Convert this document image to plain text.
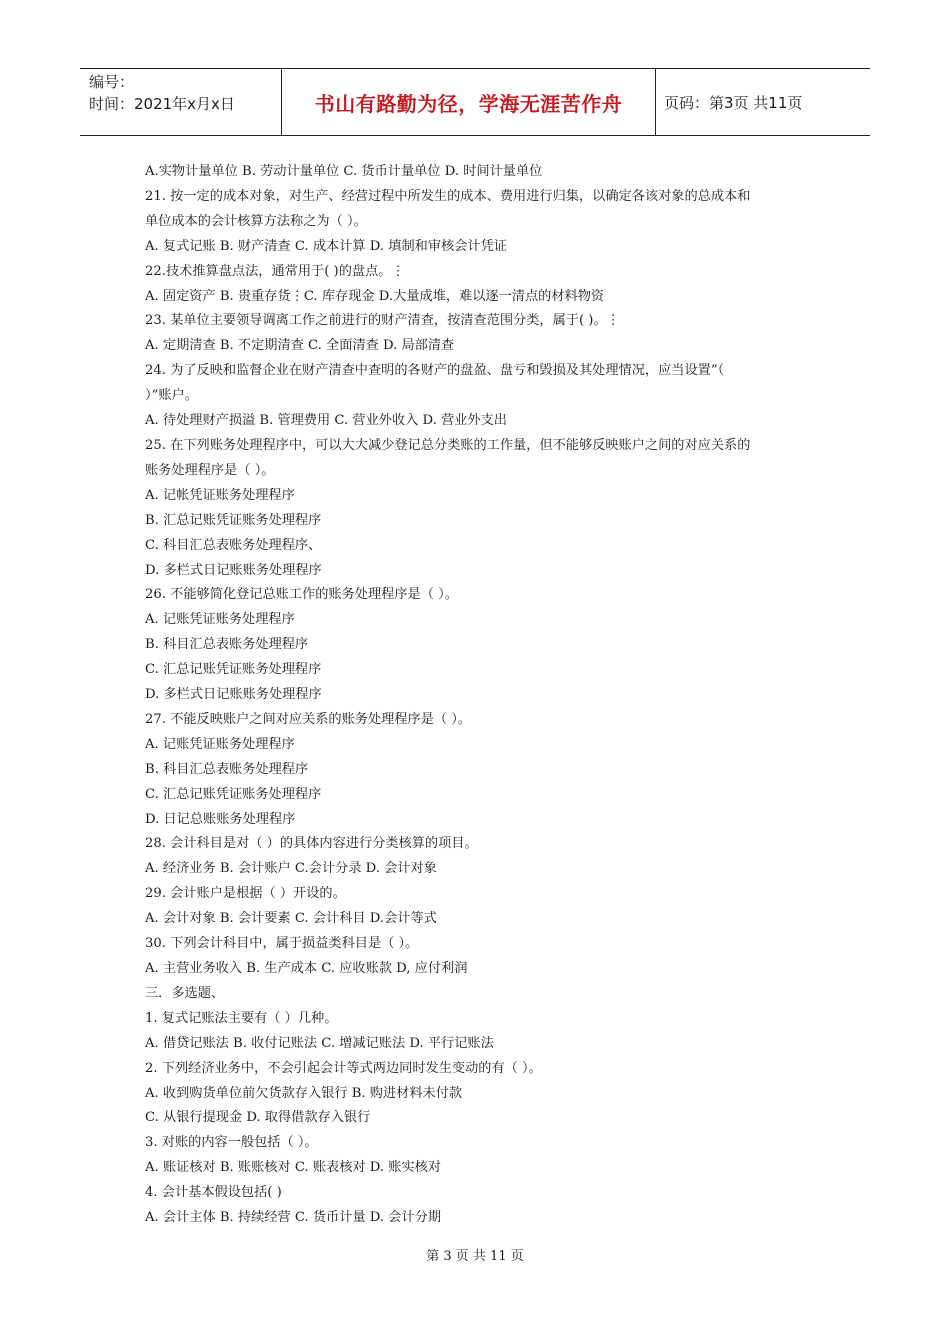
编号：
时间：2021年x月x日	书山有路勤为径，学海无涯苦作舟	页码：第3页 共11页
A.实物计量单位 B. 劳动计量单位 C. 货币计量单位 D. 时间计量单位
21. 按一定的成本对象，对生产、经营过程中所发生的成本、费用进行归集，以确定各该对象的总成本和
单位成本的会计核算方法称之为（ ）。
A. 复式记账 B. 财产清查 C. 成本计算 D. 填制和审核会计凭证
22.技术推算盘点法，通常用于( )的盘点。⋮
A. 固定资产 B. 贵重存货⋮C. 库存现金 D.大量成堆，难以逐一清点的材料物资
23. 某单位主要领导调离工作之前进行的财产清查，按清查范围分类，属于( )。⋮
A. 定期清查 B. 不定期清查 C. 全面清查 D. 局部清查
24. 为了反映和监督企业在财产清查中查明的各财产的盘盈、盘亏和毁损及其处理情况，应当设置”（
）”账户。
A. 待处理财产损溢 B. 管理费用 C. 营业外收入 D. 营业外支出
25. 在下列账务处理程序中，可以大大减少登记总分类账的工作量，但不能够反映账户之间的对应关系的
账务处理程序是（ ）。
A. 记帐凭证账务处理程序
B. 汇总记账凭证账务处理程序
C. 科目汇总表账务处理程序、
D. 多栏式日记账账务处理程序
26. 不能够简化登记总账工作的账务处理程序是（ ）。
A. 记账凭证账务处理程序
B. 科目汇总表账务处理程序
C. 汇总记账凭证账务处理程序
D. 多栏式日记账账务处理程序
27. 不能反映账户之间对应关系的账务处理程序是（ ）。
A. 记账凭证账务处理程序
B. 科目汇总表账务处理程序
C. 汇总记账凭证账务处理程序
D. 日记总账账务处理程序
28. 会计科目是对（ ）的具体内容进行分类核算的项目。
A. 经济业务 B. 会计账户 C.会计分录 D. 会计对象
29. 会计账户是根据（ ）开设的。
A. 会计对象 B. 会计要素 C. 会计科目 D.会计等式
30. 下列会计科目中，属于损益类科目是（ ）。
A. 主营业务收入 B. 生产成本 C. 应收账款 D, 应付利润
三．多选题、
1. 复式记账法主要有（ ）几种。
A. 借贷记账法 B. 收付记账法 C. 增减记账法 D. 平行记账法
2. 下列经济业务中，不会引起会计等式两边同时发生变动的有（ ）。
A. 收到购货单位前欠货款存入银行 B. 购进材料未付款
C. 从银行提现金 D. 取得借款存入银行
3. 对账的内容一般包括（ ）。
A. 账证核对 B. 账账核对 C. 账表核对 D. 账实核对
4. 会计基本假设包括( )
A. 会计主体 B. 持续经营 C. 货币计量 D. 会计分期
第 3 页 共 11 页
